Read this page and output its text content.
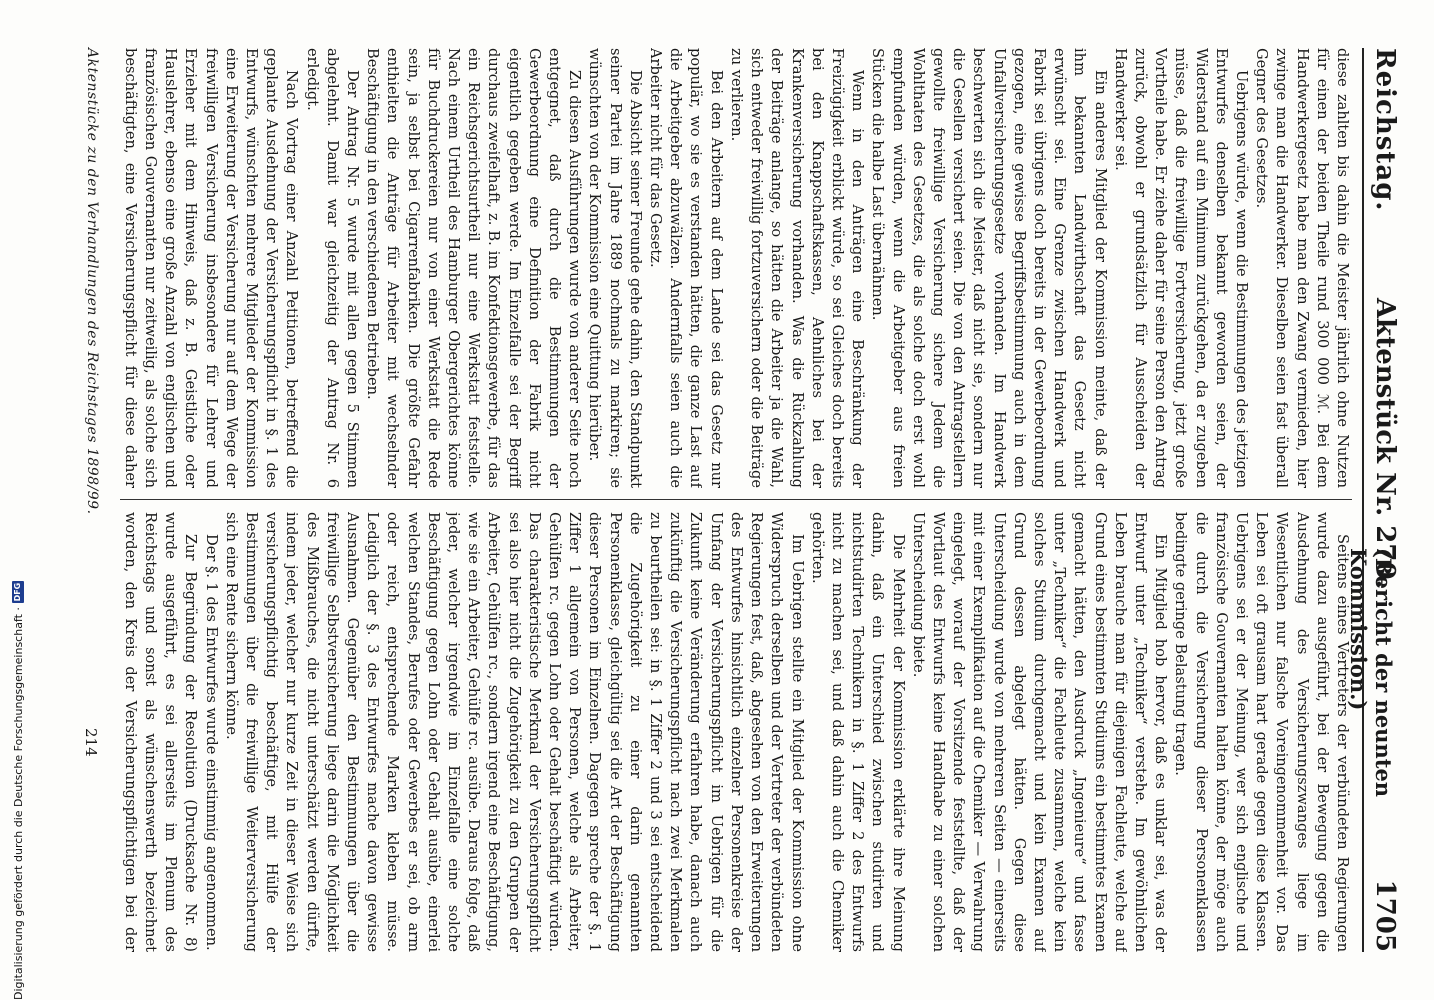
Reichstag.
Aktenstück Nr. 270.
(Bericht der neunten Kommission.)
1705

diese zahlten bis dahin die Meister jährlich ohne Nutzen für einen der beiden Theile rund 300 000 ℳ. Bei dem Handwerkergesetz habe man den Zwang vermieden, hier zwinge man die Handwerker. Dieselben seien fast überall Gegner des Gesetzes.

Uebrigens würde, wenn die Bestimmungen des jetzigen Entwurfes denselben bekannt geworden seien, der Widerstand auf ein Minimum zurückgehen, da er zugeben müsse, daß die freiwillige Fortversicherung, jetzt große Vortheile habe. Er ziehe daher für seine Person den Antrag zurück, obwohl er grundsätzlich für Ausscheiden der Handwerker sei.

Ein anderes Mitglied der Kommission meinte, daß der ihm bekannten Landwirthschaft das Gesetz nicht erwünscht sei. Eine Grenze zwischen Handwerk und Fabrik sei übrigens doch bereits in der Gewerbeordnung gezogen, eine gewisse Begriffsbestimmung auch in dem Unfallversicherungsgesetze vorhanden. Im Handwerk beschwerten sich die Meister, daß nicht sie, sondern nur die Gesellen versichert seien. Die von den Antragstellern gewollte freiwillige Versicherung sichere Jedem die Wohlthaten des Gesetzes, die als solche doch erst wohl empfunden würden, wenn die Arbeitgeber aus freien Stücken die halbe Last übernähmen.

Wenn in den Anträgen eine Beschränkung der Freizügigkeit erblickt würde, so sei Gleiches doch bereits bei den Knappschaftskassen, Aehnliches bei der Krankenversicherung vorhanden. Was die Rückzahlung der Beiträge anlange, so hätten die Arbeiter ja die Wahl, sich entweder freiwillig fortzuversichern oder die Beiträge zu verlieren.

Bei den Arbeitern auf dem Lande sei das Gesetz nur populär, wo sie es verstanden hätten, die ganze Last auf die Arbeitgeber abzuwälzen. Andernfalls seien auch die Arbeiter nicht für das Gesetz.

Die Absicht seiner Freunde gehe dahin, den Standpunkt seiner Partei im Jahre 1889 nochmals zu markiren; sie wünschten von der Kommission eine Quittung hierüber.

Zu diesen Ausführungen wurde von anderer Seite noch entgegnet, daß durch die Bestimmungen der Gewerbeordnung eine Definition der Fabrik nicht eigentlich gegeben werde. Im Einzelfalle sei der Begriff durchaus zweifelhaft, z. B. im Konfektionsgewerbe, für das ein Reichsgerichtsurtheil nur eine Werkstatt feststelle. Nach einem Urtheil des Hamburger Obergerichtes könne für Buchdruckereien nur von einer Werkstatt die Rede sein, ja selbst bei Cigarrenfabriken. Die größte Gefahr enthielten die Anträge für Arbeiter mit wechselnder Beschäftigung in den verschiedenen Betrieben.

Der Antrag Nr. 5 wurde mit allen gegen 5 Stimmen abgelehnt. Damit war gleichzeitig der Antrag Nr. 6 erledigt.

Nach Vortrag einer Anzahl Petitionen, betreffend die geplante Ausdehnung der Versicherungspflicht in §. 1 des Entwurfs, wünschten mehrere Mitglieder der Kommission eine Erweiterung der Versicherung nur auf dem Wege der freiwilligen Versicherung insbesondere für Lehrer und Erzieher mit dem Hinweis, daß z. B. Geistliche oder Hauslehrer, ebenso eine große Anzahl von englischen und französischen Gouvernanten nur zeitweilig, als solche sich beschäftigten, eine Versicherungspflicht für diese daher

Seitens eines Vertreters der verbündeten Regierungen wurde dazu ausgeführt, bei der Bewegung gegen die Ausdehnung des Versicherungszwanges liege im Wesentlichen nur falsche Voreingenommenheit vor. Das Leben sei oft grausam hart gerade gegen diese Klassen. Uebrigens sei er der Meinung, wer sich englische und französische Gouvernanten halten könne, der möge auch die durch die Versicherung dieser Personenklassen bedingte geringe Belastung tragen.

Ein Mitglied hob hervor, daß es unklar sei, was der Entwurf unter „Techniker“ verstehe. Im gewöhnlichen Leben brauche man für diejenigen Fachleute, welche auf Grund eines bestimmten Studiums ein bestimmtes Examen gemacht hätten, den Ausdruck „Ingenieure“ und fasse unter „Techniker“ die Fachleute zusammen, welche kein solches Studium durchgemacht und kein Examen auf Grund dessen abgelegt hätten. Gegen diese Unterscheidung wurde von mehreren Seiten — einerseits mit einer Exemplifikation auf die Chemiker — Verwahrung eingelegt, worauf der Vorsitzende feststellte, daß der Wortlaut des Entwurfs keine Handhabe zu einer solchen Unterscheidung biete.

Die Mehrheit der Kommission erklärte ihre Meinung dahin, daß ein Unterschied zwischen studirten und nichtstudirten Technikern in §. 1 Ziffer 2 des Entwurfs nicht zu machen sei, und daß dahin auch die Chemiker gehörten.

Im Uebrigen stellte ein Mitglied der Kommission ohne Widerspruch derselben und der Vertreter der verbündeten Regierungen fest, daß, abgesehen von den Erweiterungen des Entwurfes hinsichtlich einzelner Personenkreise der Umfang der Versicherungspflicht im Uebrigen für die Zukunft keine Veränderung erfahren habe, danach auch zukünftig die Versicherungspflicht nach zwei Merkmalen zu beurtheilen sei: in §. 1 Ziffer 2 und 3 sei entscheidend die Zugehörigkeit zu einer darin genannten Personenklasse, gleichgültig sei die Art der Beschäftigung dieser Personen im Einzelnen. Dagegen spreche der §. 1 Ziffer 1 allgemein von Personen, welche als Arbeiter, Gehülfen rc. gegen Lohn oder Gehalt beschäftigt würden. Das charakteristische Merkmal der Versicherungspflicht sei also hier nicht die Zugehörigkeit zu den Gruppen der Arbeiter, Gehülfen rc., sondern irgend eine Beschäftigung, wie sie ein Arbeiter, Gehülfe rc. ausübe. Daraus folge, daß jeder, welcher irgendwie im Einzelfalle eine solche Beschäftigung gegen Lohn oder Gehalt ausübe, einerlei welchen Standes, Berufes oder Gewerbes er sei, ob arm oder reich, entsprechende Marken kleben müsse. Lediglich der §. 3 des Entwurfes mache davon gewisse Ausnahmen. Gegenüber den Bestimmungen über die freiwillige Selbstversicherung liege darin die Möglichkeit des Mißbrauches, die nicht unterschätzt werden dürfte, indem jeder, welcher nur kurze Zeit in dieser Weise sich versicherungspflichtig beschäftige, mit Hülfe der Bestimmungen über die freiwillige Weiterversicherung sich eine Rente sichern könne.

Der §. 1 des Entwurfes wurde einstimmig angenommen.

Zur Begründung der Resolution (Drucksache Nr. 8) wurde ausgeführt, es sei allerseits im Plenum des Reichstags und sonst als wünschenswerth bezeichnet worden, den Kreis der Versicherungspflichtigen bei der

Aktenstücke zu den Verhandlungen des Reichstages 1898/99.
214
Digitalisierung gefördert durch die Deutsche Forschungsgemeinschaft ·
DFG
